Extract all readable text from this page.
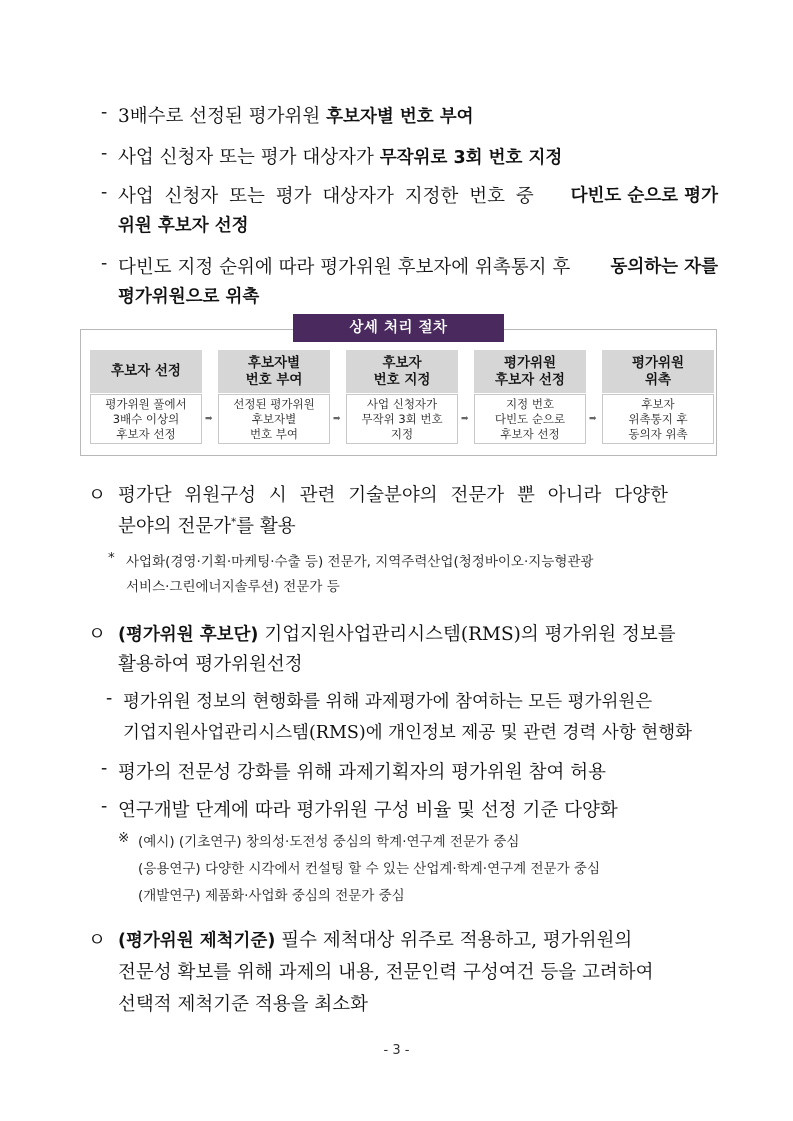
- 3배수로 선정된 평가위원 후보자별 번호 부여
- 사업 신청자 또는 평가 대상자가 무작위로 3회 번호 지정
- 사업 신청자 또는 평가 대상자가 지정한 번호 중 다빈도 순으로 평가
위원 후보자 선정
- 다빈도 지정 순위에 따라 평가위원 후보자에 위촉통지 후 동의하는 자를
평가위원으로 위촉
상세 처리 절차
후보자 선정
평가위원 풀에서
3배수 이상의
후보자 선정
➡
후보자별
번호 부여
선정된 평가위원
후보자별
번호 부여
➡
후보자
번호 지정
사업 신청자가
무작위 3회 번호
지정
➡
평가위원
후보자 선정
지정 번호
다빈도 순으로
후보자 선정
➡
평가위원
위촉
후보자
위촉통지 후
동의자 위촉
ㅇ 평가단 위원구성 시 관련 기술분야의 전문가 뿐 아니라 다양한
분야의 전문가*를 활용
* 사업화(경영·기획·마케팅·수출 등) 전문가, 지역주력산업(청정바이오·지능형관광
서비스·그린에너지솔루션) 전문가 등
ㅇ (평가위원 후보단) 기업지원사업관리시스템(RMS)의 평가위원 정보를
활용하여 평가위원선정
- 평가위원 정보의 현행화를 위해 과제평가에 참여하는 모든 평가위원은
기업지원사업관리시스템(RMS)에 개인정보 제공 및 관련 경력 사항 현행화
- 평가의 전문성 강화를 위해 과제기획자의 평가위원 참여 허용
- 연구개발 단계에 따라 평가위원 구성 비율 및 선정 기준 다양화
※ (예시) (기초연구) 창의성·도전성 중심의 학계·연구계 전문가 중심
(응용연구) 다양한 시각에서 컨설팅 할 수 있는 산업계·학계·연구계 전문가 중심
(개발연구) 제품화·사업화 중심의 전문가 중심
ㅇ (평가위원 제척기준) 필수 제척대상 위주로 적용하고, 평가위원의
전문성 확보를 위해 과제의 내용, 전문인력 구성여건 등을 고려하여
선택적 제척기준 적용을 최소화
- 3 -
